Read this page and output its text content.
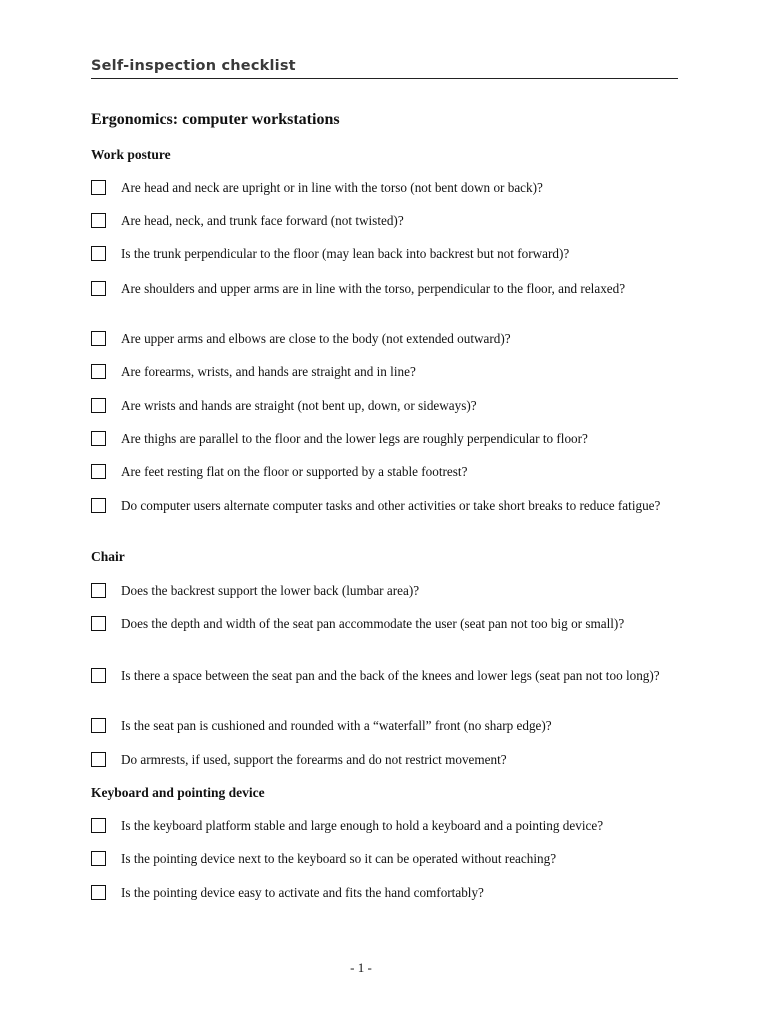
Self-inspection checklist
Ergonomics: computer workstations
Work posture
Are head and neck are upright or in line with the torso (not bent down or back)?
Are head, neck, and trunk face forward (not twisted)?
Is the trunk perpendicular to the floor (may lean back into backrest but not forward)?
Are shoulders and upper arms are in line with the torso, perpendicular to the floor, and relaxed?
Are upper arms and elbows are close to the body (not extended outward)?
Are forearms, wrists, and hands are straight and in line?
Are wrists and hands are straight (not bent up, down, or sideways)?
Are thighs are parallel to the floor and the lower legs are roughly perpendicular to floor?
Are feet resting flat on the floor or supported by a stable footrest?
Do computer users alternate computer tasks and other activities or take short breaks to reduce fatigue?
Chair
Does the backrest support the lower back (lumbar area)?
Does the depth and width of the seat pan accommodate the user (seat pan not too big or small)?
Is there a space between the seat pan and the back of the knees and lower legs (seat pan not too long)?
Is the seat pan is cushioned and rounded with a “waterfall” front (no sharp edge)?
Do armrests, if used, support the forearms and do not restrict movement?
Keyboard and pointing device
Is the keyboard platform stable and large enough to hold a keyboard and a pointing device?
Is the pointing device next to the keyboard so it can be operated without reaching?
Is the pointing device easy to activate and fits the hand comfortably?
- 1 -
